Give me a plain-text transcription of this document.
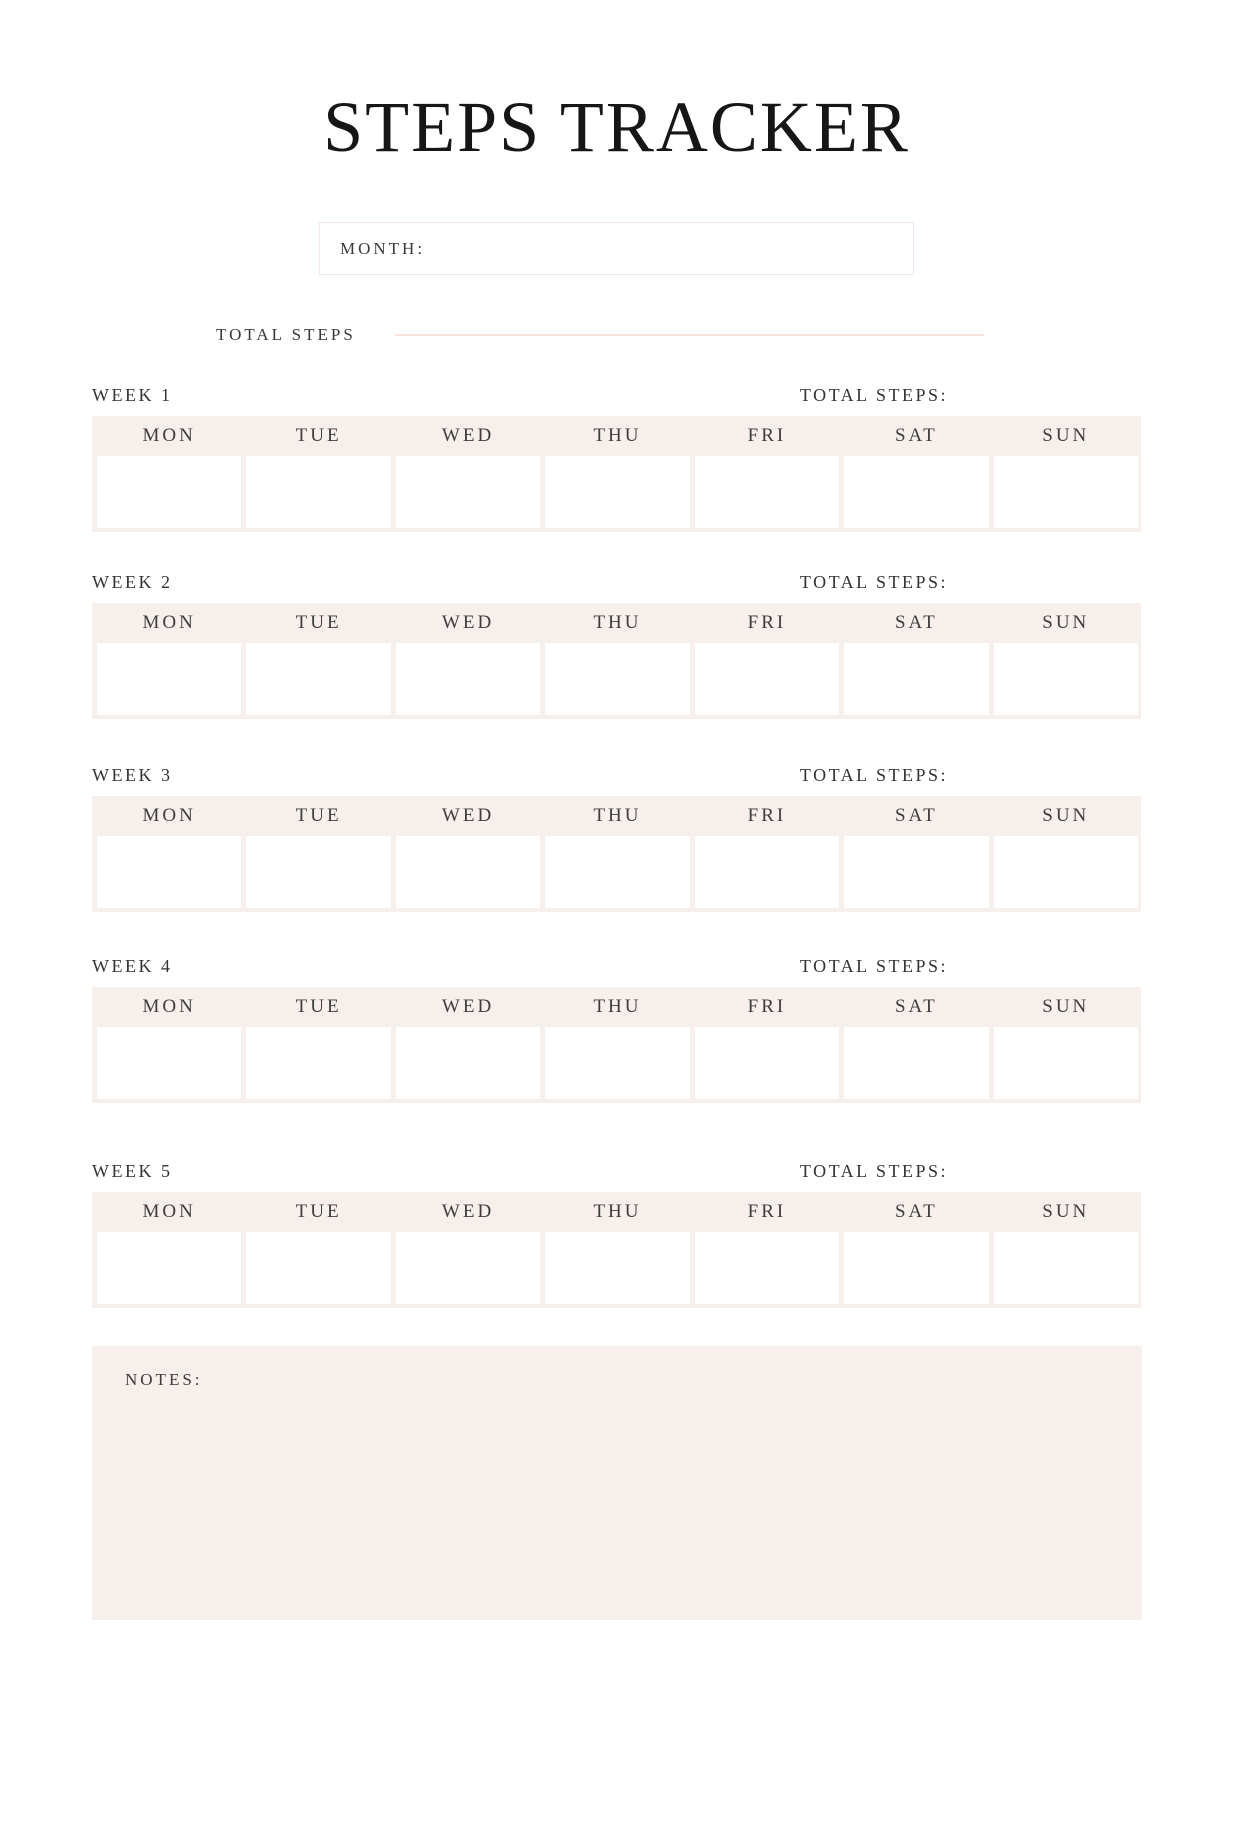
STEPS TRACKER
MONTH:
TOTAL STEPS
WEEK 1	TOTAL STEPS:
MON	TUE	WED	THU	FRI	SAT	SUN
WEEK 2	TOTAL STEPS:
MON	TUE	WED	THU	FRI	SAT	SUN
WEEK 3	TOTAL STEPS:
MON	TUE	WED	THU	FRI	SAT	SUN
WEEK 4	TOTAL STEPS:
MON	TUE	WED	THU	FRI	SAT	SUN
WEEK 5	TOTAL STEPS:
MON	TUE	WED	THU	FRI	SAT	SUN
NOTES:
